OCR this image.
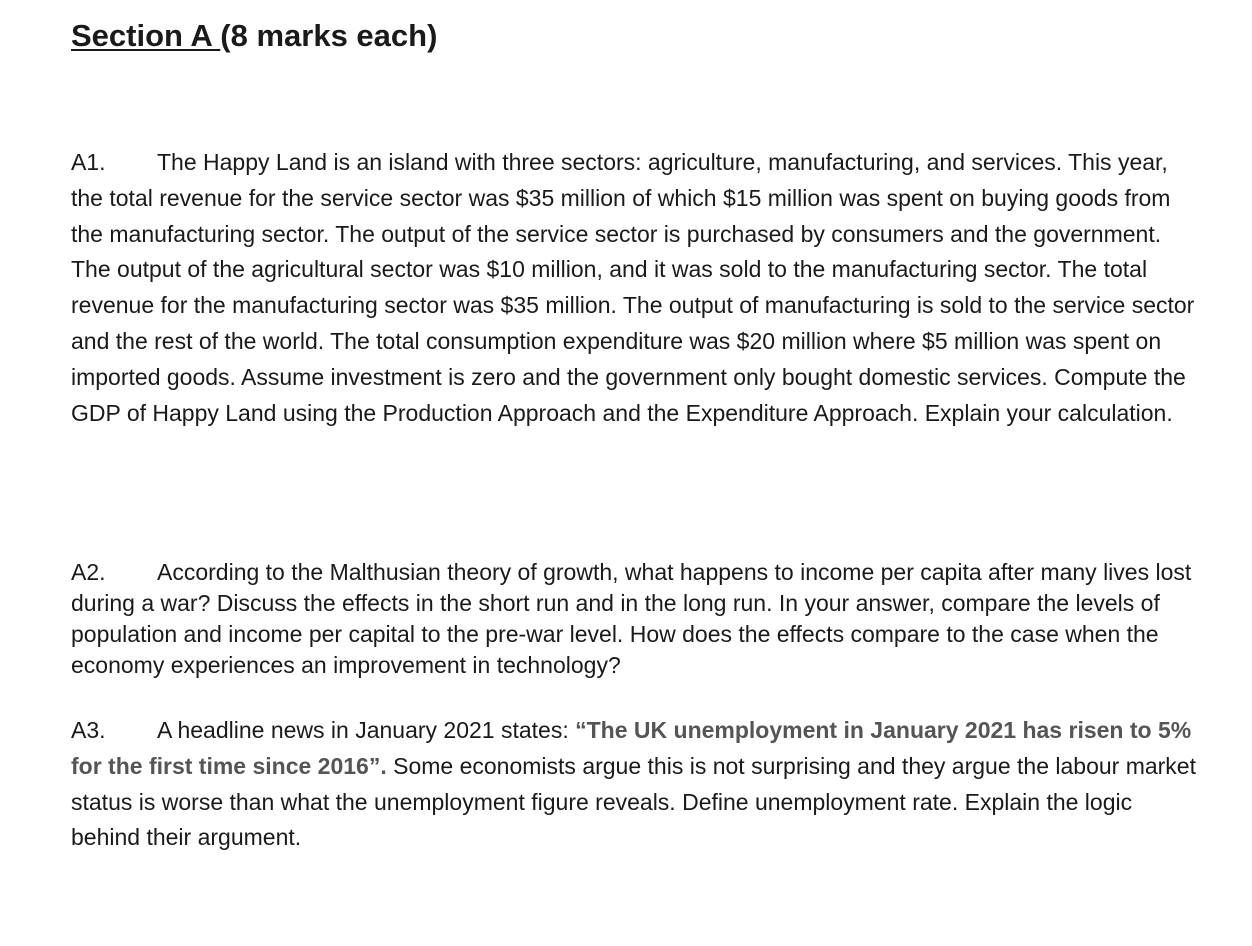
Section A (8 marks each)

A1. The Happy Land is an island with three sectors: agriculture, manufacturing, and services. This year, the total revenue for the service sector was $35 million of which $15 million was spent on buying goods from the manufacturing sector. The output of the service sector is purchased by consumers and the government. The output of the agricultural sector was $10 million, and it was sold to the manufacturing sector. The total revenue for the manufacturing sector was $35 million. The output of manufacturing is sold to the service sector and the rest of the world. The total consumption expenditure was $20 million where $5 million was spent on imported goods. Assume investment is zero and the government only bought domestic services. Compute the GDP of Happy Land using the Production Approach and the Expenditure Approach. Explain your calculation.

A2. According to the Malthusian theory of growth, what happens to income per capita after many lives lost during a war? Discuss the effects in the short run and in the long run. In your answer, compare the levels of population and income per capital to the pre-war level. How does the effects compare to the case when the economy experiences an improvement in technology?

A3. A headline news in January 2021 states: “The UK unemployment in January 2021 has risen to 5% for the first time since 2016”. Some economists argue this is not surprising and they argue the labour market status is worse than what the unemployment figure reveals. Define unemployment rate. Explain the logic behind their argument.
